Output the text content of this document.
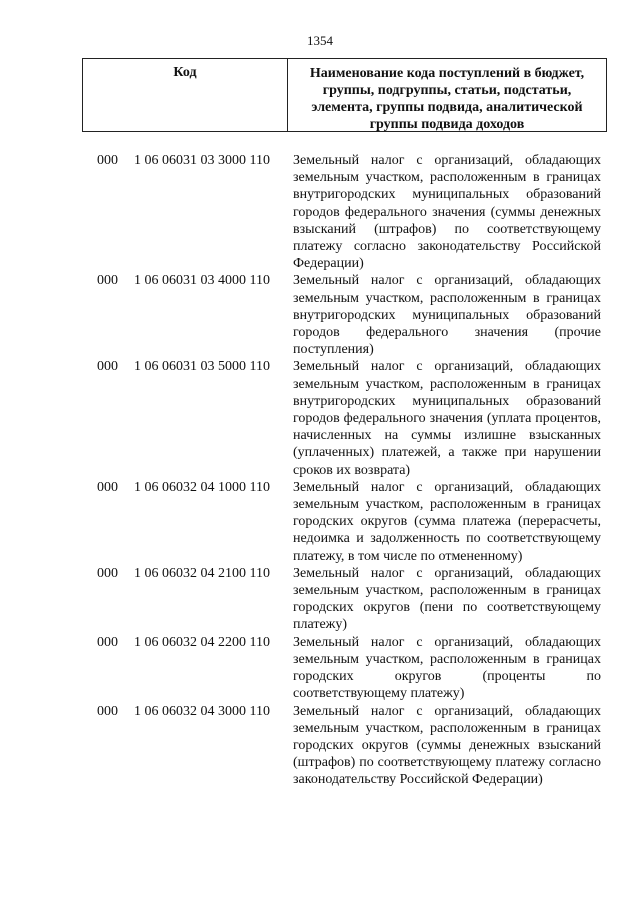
1354
Код	Наименование кода поступлений в бюджет, группы, подгруппы, статьи, подстатьи, элемента, группы подвида, аналитической группы подвида доходов
000 1 06 06031 03 3000 110 Земельный налог с организаций, обладающих земельным участком, расположенным в границах внутригородских муниципальных образований городов федерального значения (суммы денежных взысканий (штрафов) по соответствующему платежу согласно законодательству Российской Федерации)
000 1 06 06031 03 4000 110 Земельный налог с организаций, обладающих земельным участком, расположенным в границах внутригородских муниципальных образований городов федерального значения (прочие поступления)
000 1 06 06031 03 5000 110 Земельный налог с организаций, обладающих земельным участком, расположенным в границах внутригородских муниципальных образований городов федерального значения (уплата процентов, начисленных на суммы излишне взысканных (уплаченных) платежей, а также при нарушении сроков их возврата)
000 1 06 06032 04 1000 110 Земельный налог с организаций, обладающих земельным участком, расположенным в границах городских округов (сумма платежа (перерасчеты, недоимка и задолженность по соответствующему платежу, в том числе по отмененному)
000 1 06 06032 04 2100 110 Земельный налог с организаций, обладающих земельным участком, расположенным в границах городских округов (пени по соответствующему платежу)
000 1 06 06032 04 2200 110 Земельный налог с организаций, обладающих земельным участком, расположенным в границах городских округов (проценты по соответствующему платежу)
000 1 06 06032 04 3000 110 Земельный налог с организаций, обладающих земельным участком, расположенным в границах городских округов (суммы денежных взысканий (штрафов) по соответствующему платежу согласно законодательству Российской Федерации)
